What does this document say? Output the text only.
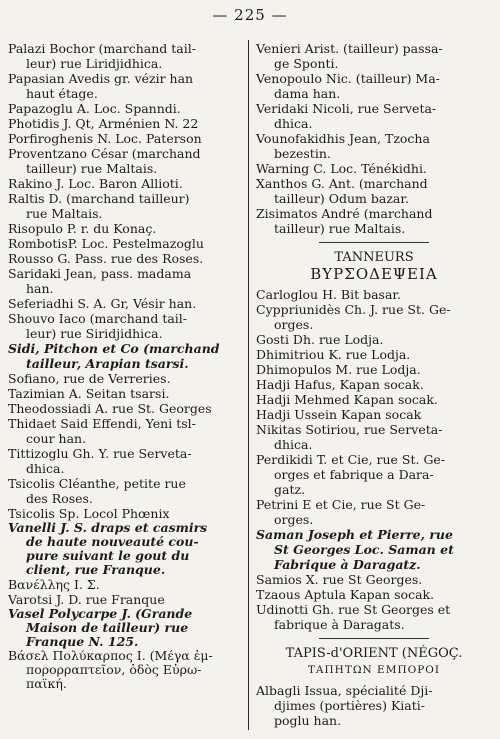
— 225 —

Palazi Bochor (marchand tail-
leur) rue Liridjidhica.

Papasian Avedis gr. vézir han
haut étage.

Papazoglu A. Loc. Spanndi.

Photidis J. Qt, Arménien N. 22

Porfiroghenis N. Loc. Paterson

Proventzano César (marchand
tailleur) rue Maltais.

Rakino J. Loc. Baron Allioti.

Raltis D. (marchand tailleur)
rue Maltais.

Risopulo P. r. du Konaç.

RombotisP. Loc. Pestelmazoglu

Rousso G. Pass. rue des Roses.

Saridaki Jean, pass. madama
han.

Seferiadhi S. A. Gr, Vésir han.

Shouvo Iaco (marchand tail-
leur) rue Siridjidhica.

Sidi, Pitchon et Co (marchand
tailleur, Arapian tsarsi.

Sofiano, rue de Verreries.

Tazimian A. Seitan tsarsi.

Theodossiadi A. rue St. Georges

Thidaet Said Effendi, Yeni tsl-
cour han.

Tittizoglu Gh. Y. rue Serveta-
dhica.

Tsicolis Cléanthe, petite rue
des Roses.

Tsicolis Sp. Locol Phœnix

Vanelli J. S. draps et casmirs
de haute nouveauté cou-
pure suivant le gout du
client, rue Franque.

Βανέλλης Ι. Σ.

Varotsi J. D. rue Franque

Vasel Polycarpe J. (Grande
Maison de tailleur) rue
Franque N. 125.

Βάσελ Πολύκαρπος Ι. (Μέγα ἐμ-
πορορραπτεῖον, ὁδὸς Εὐρω-
παϊκή.

Venieri Arist. (tailleur) passa-
ge Sponti.

Venopoulo Nic. (tailleur) Ma-
dama han.

Veridaki Nicoli, rue Serveta-
dhica.

Vounofakidhis Jean, Tzocha
bezestin.

Warning C. Loc. Ténékidhi.

Xanthos G. Ant. (marchand
tailleur) Odum bazar.

Zisimatos André (marchand
tailleur) rue Maltais.

TANNEURS

ΒΥΡΣΟΔΕΨΕΙΑ

Carloglou H. Bit basar.

Cyppriunidès Ch. J. rue St. Ge-
orges.

Gosti Dh. rue Lodja.

Dhimitriou K. rue Lodja.

Dhimopulos M. rue Lodja.

Hadji Hafus, Kapan socak.

Hadji Mehmed Kapan socak.

Hadji Ussein Kapan socak

Nikitas Sotiriou, rue Serveta-
dhica.

Perdikidi T. et Cie, rue St. Ge-
orges et fabrique a Dara-
gatz.

Petrini E et Cie, rue St Ge-
orges.

Saman Joseph et Pierre, rue
St Georges Loc. Saman et
Fabrique à Daragatz.

Samios X. rue St Georges.

Tzaous Aptula Kapan socak.

Udinotti Gh. rue St Georges et
fabrique à Daragats.

TAPIS-d'ORIENT (NÉGOÇ.

ΤΑΠΗΤΩΝ ΕΜΠΟΡΟΙ

Albagli Issua, spécialité Dji-
djimes (portières) Kiati-
poglu han.
